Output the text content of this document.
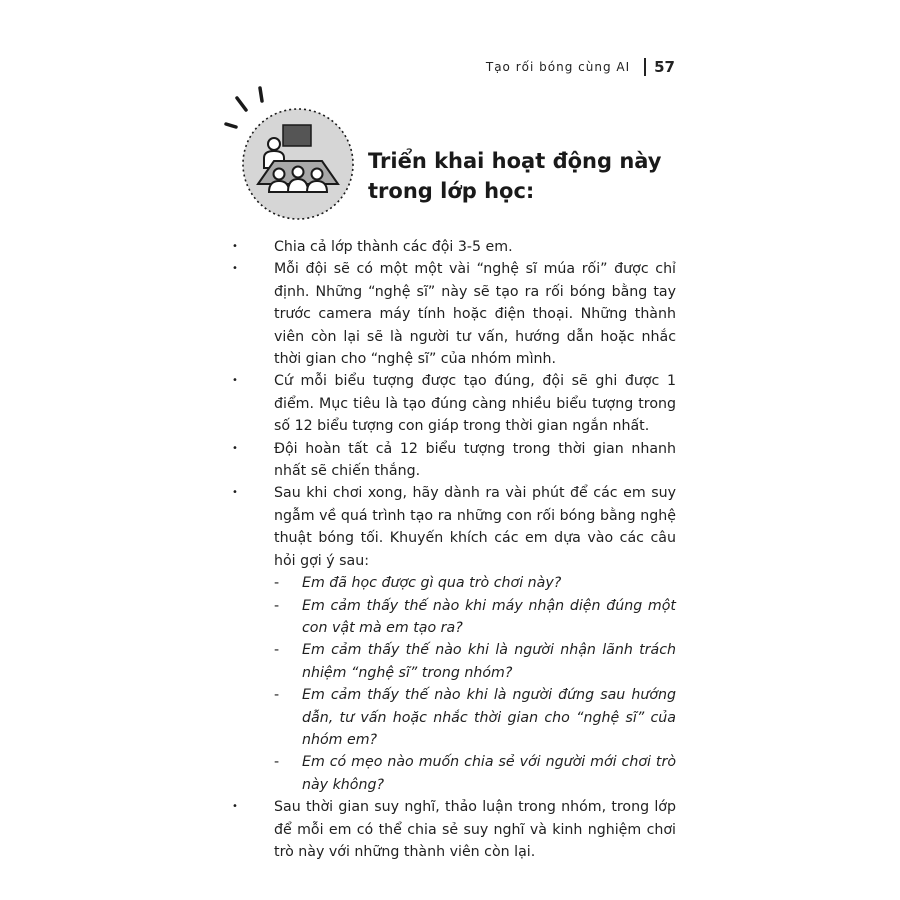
Tạo rối bóng cùng AI 57
Triển khai hoạt động này
trong lớp học:
• Chia cả lớp thành các đội 3-5 em.
• Mỗi đội sẽ có một một vài “nghệ sĩ múa rối” được chỉ định. Những “nghệ sĩ” này sẽ tạo ra rối bóng bằng tay trước camera máy tính hoặc điện thoại. Những thành viên còn lại sẽ là người tư vấn, hướng dẫn hoặc nhắc thời gian cho “nghệ sĩ” của nhóm mình.
• Cứ mỗi biểu tượng được tạo đúng, đội sẽ ghi được 1 điểm. Mục tiêu là tạo đúng càng nhiều biểu tượng trong số 12 biểu tượng con giáp trong thời gian ngắn nhất.
• Đội hoàn tất cả 12 biểu tượng trong thời gian nhanh nhất sẽ chiến thắng.
• Sau khi chơi xong, hãy dành ra vài phút để các em suy ngẫm về quá trình tạo ra những con rối bóng bằng nghệ thuật bóng tối. Khuyến khích các em dựa vào các câu hỏi gợi ý sau:
- Em đã học được gì qua trò chơi này?
- Em cảm thấy thế nào khi máy nhận diện đúng một con vật mà em tạo ra?
- Em cảm thấy thế nào khi là người nhận lãnh trách nhiệm “nghệ sĩ” trong nhóm?
- Em cảm thấy thế nào khi là người đứng sau hướng dẫn, tư vấn hoặc nhắc thời gian cho “nghệ sĩ” của nhóm em?
- Em có mẹo nào muốn chia sẻ với người mới chơi trò này không?
• Sau thời gian suy nghĩ, thảo luận trong nhóm, trong lớp để mỗi em có thể chia sẻ suy nghĩ và kinh nghiệm chơi trò này với những thành viên còn lại.
